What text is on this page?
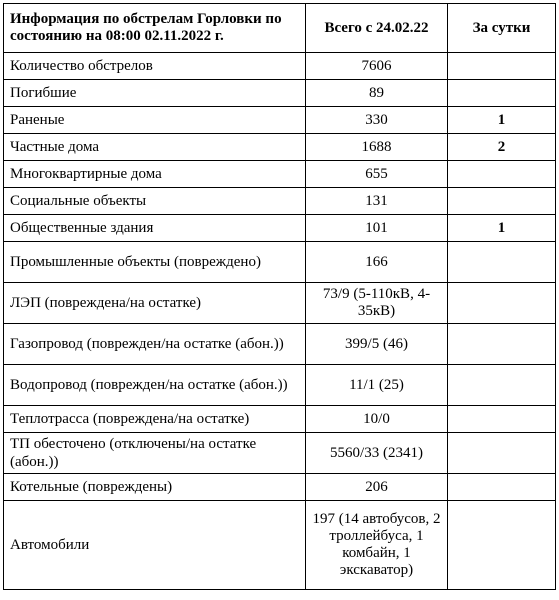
Информация по обстрелам Горловки по состоянию на 08:00 02.11.2022 г.	Всего с 24.02.22	За сутки
Количество обстрелов	7606	
Погибшие	89	
Раненые	330	1
Частные дома	1688	2
Многоквартирные дома	655	
Социальные объекты	131	
Общественные здания	101	1
Промышленные объекты (повреждено)	166	
ЛЭП (повреждена/на остатке)	73/9 (5-110кВ, 4-35кВ)	
Газопровод (поврежден/на остатке (абон.))	399/5 (46)	
Водопровод (поврежден/на остатке (абон.))	11/1 (25)	
Теплотрасса (повреждена/на остатке)	10/0	
ТП обесточено (отключены/на остатке (абон.))	5560/33 (2341)	
Котельные (повреждены)	206	
Автомобили	197 (14 автобусов, 2 троллейбуса, 1 комбайн, 1 экскаватор)	
